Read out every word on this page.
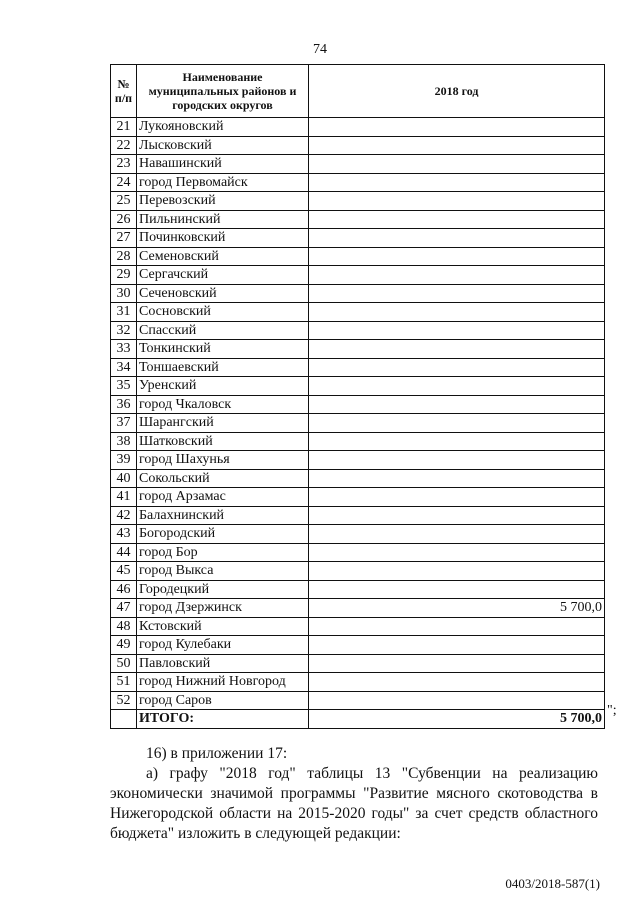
74
№ п/п	Наименование муниципальных районов и городских округов	2018 год
21	Лукояновский	
22	Лысковский	
23	Навашинский	
24	город Первомайск	
25	Перевозский	
26	Пильнинский	
27	Починковский	
28	Семеновский	
29	Сергачский	
30	Сеченовский	
31	Сосновский	
32	Спасский	
33	Тонкинский	
34	Тоншаевский	
35	Уренский	
36	город Чкаловск	
37	Шарангский	
38	Шатковский	
39	город Шахунья	
40	Сокольский	
41	город Арзамас	
42	Балахнинский	
43	Богородский	
44	город Бор	
45	город Выкса	
46	Городецкий	
47	город Дзержинск	5 700,0
48	Кстовский	
49	город Кулебаки	
50	Павловский	
51	город Нижний Новгород	
52	город Саров	
	ИТОГО:	5 700,0
";
16) в приложении 17:
а) графу "2018 год" таблицы 13 "Субвенции на реализацию экономически значимой программы "Развитие мясного скотоводства в Нижегородской области на 2015-2020 годы" за счет средств областного бюджета" изложить в следующей редакции:
0403/2018-587(1)
